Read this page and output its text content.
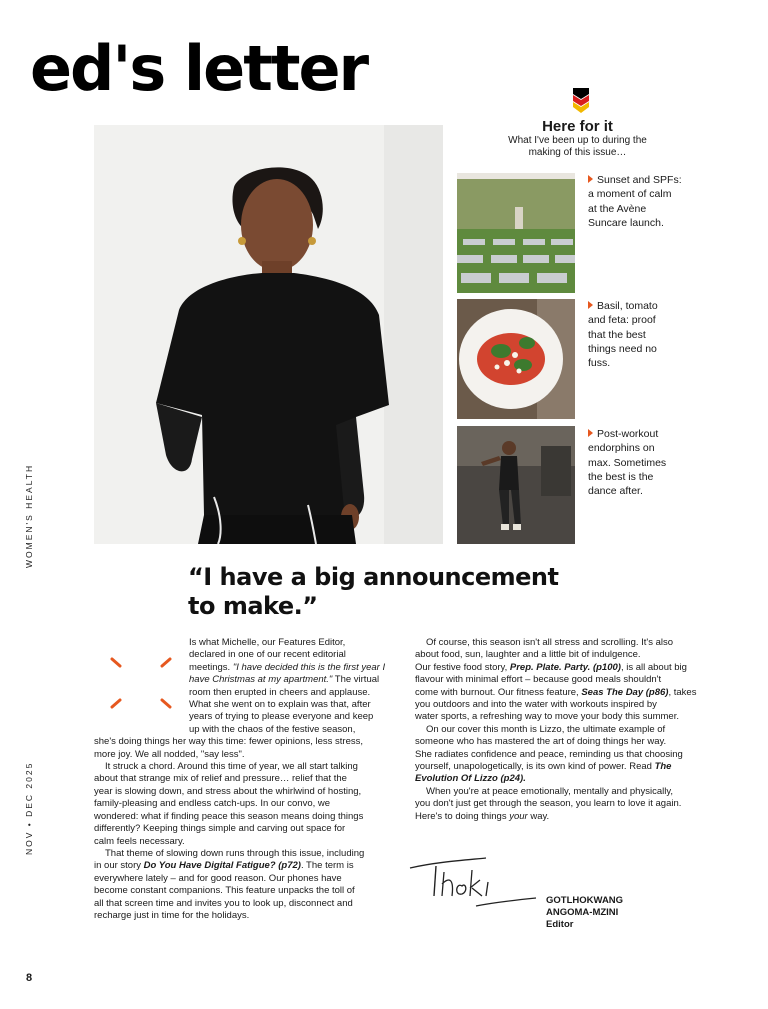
ed's letter
WOMEN'S HEALTH
NOV • DEC 2025
Here for it
What I've been up to during the
making of this issue…
Sunset and SPFs:
a moment of calm
at the Avène
Suncare launch.
Basil, tomato
and feta: proof
that the best
things need no
fuss.
Post-workout
endorphins on
max. Sometimes
the best is the
dance after.
“I have a big announcement
to make.”
Is what Michelle, our Features Editor,
declared in one of our recent editorial
meetings. "I have decided this is the first year I
have Christmas at my apartment." The virtual
room then erupted in cheers and applause.
What she went on to explain was that, after
years of trying to please everyone and keep
up with the chaos of the festive season,
she's doing things her way this time: fewer opinions, less stress,
more joy. We all nodded, "say less".
It struck a chord. Around this time of year, we all start talking
about that strange mix of relief and pressure… relief that the
year is slowing down, and stress about the whirlwind of hosting,
family-pleasing and endless catch-ups. In our convo, we
wondered: what if finding peace this season means doing things
differently? Keeping things simple and carving out space for
calm feels necessary.
That theme of slowing down runs through this issue, including
in our story Do You Have Digital Fatigue? (p72). The term is
everywhere lately – and for good reason. Our phones have
become constant companions. This feature unpacks the toll of
all that screen time and invites you to look up, disconnect and
recharge just in time for the holidays.
Of course, this season isn't all stress and scrolling. It's also
about food, sun, laughter and a little bit of indulgence.
Our festive food story, Prep. Plate. Party. (p100), is all about big
flavour with minimal effort – because good meals shouldn't
come with burnout. Our fitness feature, Seas The Day (p86), takes
you outdoors and into the water with workouts inspired by
water sports, a refreshing way to move your body this summer.
On our cover this month is Lizzo, the ultimate example of
someone who has mastered the art of doing things her way.
She radiates confidence and peace, reminding us that choosing
yourself, unapologetically, is its own kind of power. Read The
Evolution Of Lizzo (p24).
When you're at peace emotionally, mentally and physically,
you don't just get through the season, you learn to love it again.
Here's to doing things your way.
GOTLHOKWANG
ANGOMA-MZINI
Editor
8
